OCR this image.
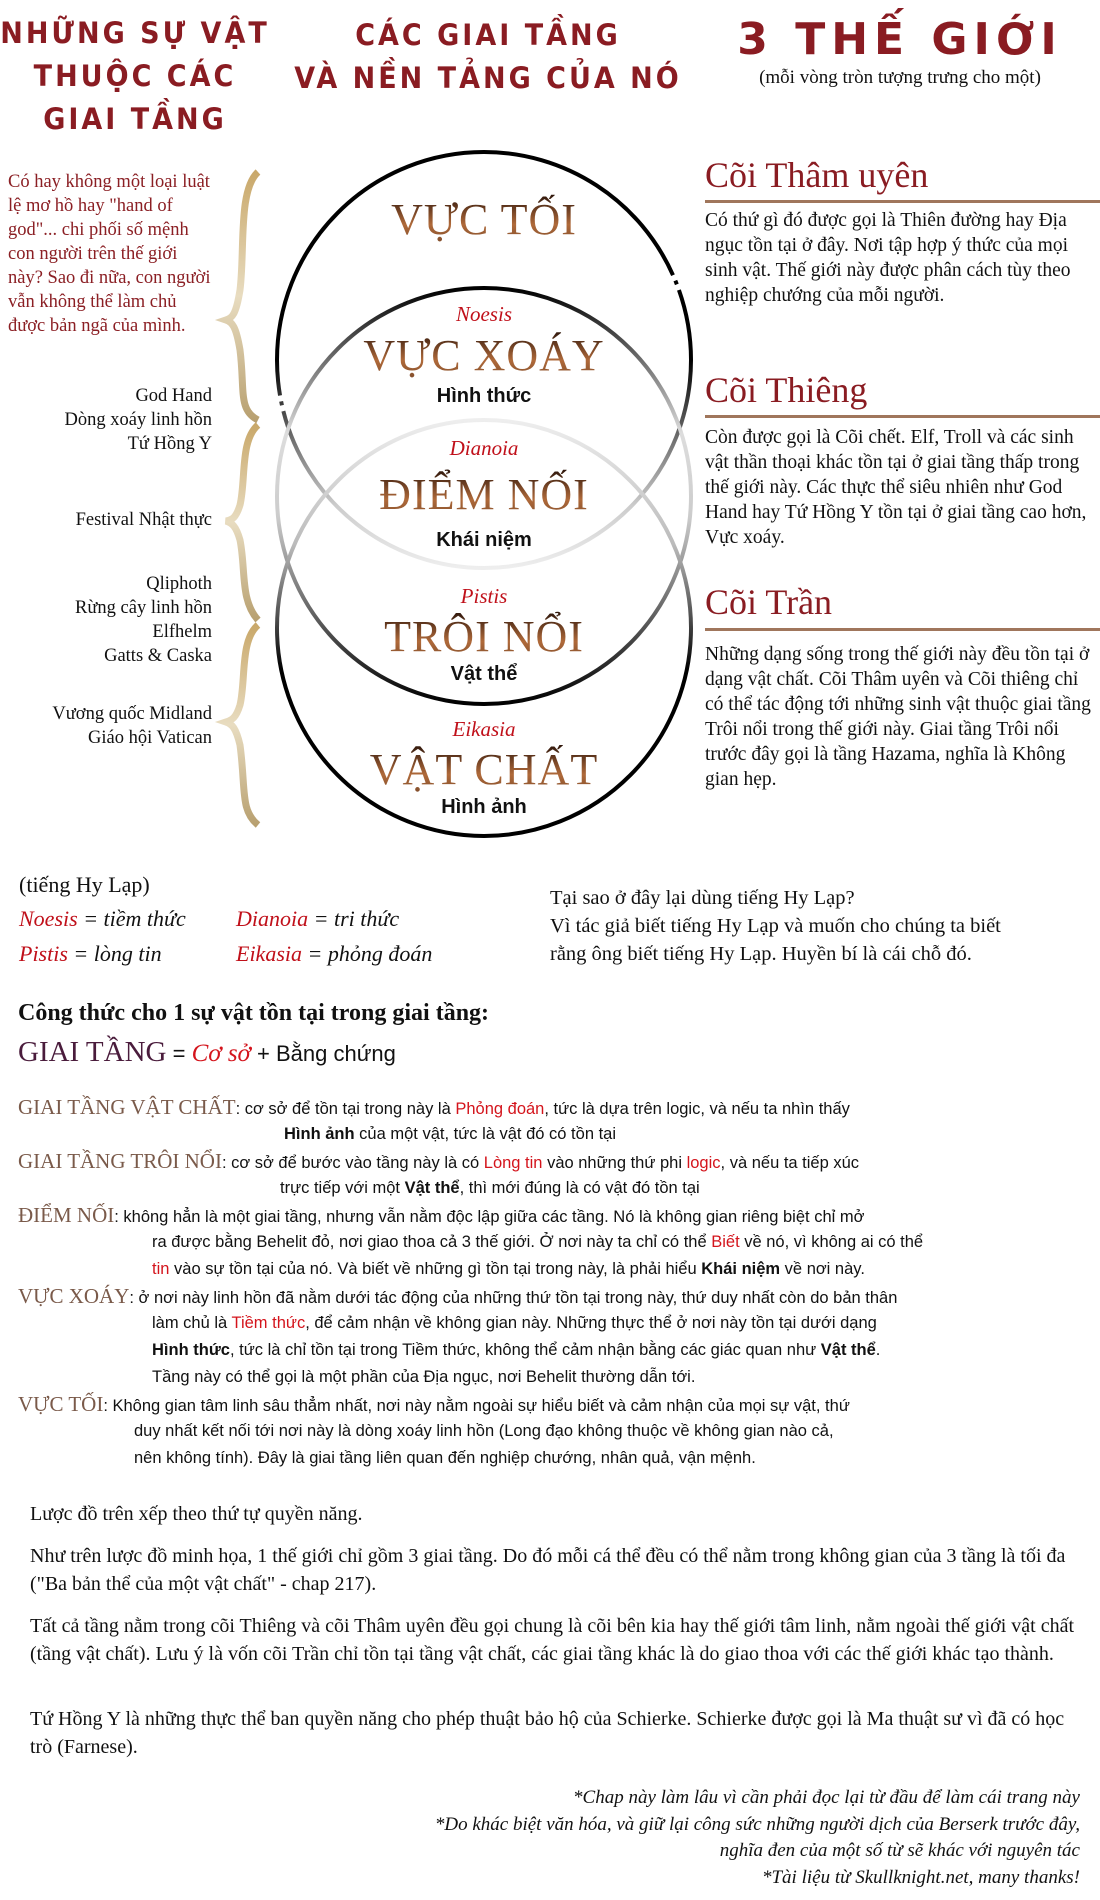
NHỮNG SỰ VẬT
THUỘC CÁC
GIAI TẦNG
CÁC GIAI TẦNG
VÀ NỀN TẢNG CỦA NÓ
3 THẾ GIỚI
(mỗi vòng tròn tượng trưng cho một)
VỰC TỐI
Noesis
VỰC XOÁY
Hình thức
Dianoia
ĐIỂM NỐI
Khái niệm
Pistis
TRÔI NỔI
Vật thể
Eikasia
VẬT CHẤT
Hình ảnh
Có hay không một loại luật lệ mơ hồ hay "hand of god"... chi phối số mệnh con người trên thế giới này? Sao đi nữa, con người vẫn không thể làm chủ được bản ngã của mình.
God Hand
Dòng xoáy linh hồn
Tứ Hồng Y
Festival Nhật thực
Qliphoth
Rừng cây linh hồn
Elfhelm
Gatts & Caska
Vương quốc Midland
Giáo hội Vatican
Cõi Thâm uyên
Có thứ gì đó được gọi là Thiên đường hay Địa ngục tồn tại ở đây. Nơi tập hợp ý thức của mọi sinh vật. Thế giới này được phân cách tùy theo nghiệp chướng của mỗi người.
Cõi Thiêng
Còn được gọi là Cõi chết. Elf, Troll và các sinh vật thần thoại khác tồn tại ở giai tầng thấp trong thế giới này. Các thực thể siêu nhiên như God Hand hay Tứ Hồng Y tồn tại ở giai tầng cao hơn, Vực xoáy.
Cõi Trần
Những dạng sống trong thế giới này đều tồn tại ở dạng vật chất. Cõi Thâm uyên và Cõi thiêng chỉ có thể tác động tới những sinh vật thuộc giai tầng Trôi nổi trong thế giới này. Giai tầng Trôi nổi trước đây gọi là tầng Hazama, nghĩa là Không gian hẹp.
(tiếng Hy Lạp)
Noesis = tiềm thức Dianoia = tri thức
Pistis = lòng tin	Eikasia = phỏng đoán
Tại sao ở đây lại dùng tiếng Hy Lạp?
Vì tác giả biết tiếng Hy Lạp và muốn cho chúng ta biết
rằng ông biết tiếng Hy Lạp. Huyền bí là cái chỗ đó.
Công thức cho 1 sự vật tồn tại trong giai tầng:
GIAI TẦNG = Cơ sở + Bằng chứng
GIAI TẦNG VẬT CHẤT: cơ sở để tồn tại trong này là Phỏng đoán, tức là dựa trên logic, và nếu ta nhìn thấy
Hình ảnh của một vật, tức là vật đó có tồn tại
GIAI TẦNG TRÔI NỔI: cơ sở để bước vào tầng này là có Lòng tin vào những thứ phi logic, và nếu ta tiếp xúc
trực tiếp với một Vật thể, thì mới đúng là có vật đó tồn tại
ĐIỂM NỐI: không hẳn là một giai tầng, nhưng vẫn nằm độc lập giữa các tầng. Nó là không gian riêng biệt chỉ mở
ra được bằng Behelit đỏ, nơi giao thoa cả 3 thế giới. Ở nơi này ta chỉ có thể Biết về nó, vì không ai có thể
tin vào sự tồn tại của nó. Và biết về những gì tồn tại trong này, là phải hiểu Khái niệm về nơi này.
VỰC XOÁY: ở nơi này linh hồn đã nằm dưới tác động của những thứ tồn tại trong này, thứ duy nhất còn do bản thân
làm chủ là Tiềm thức, để cảm nhận về không gian này. Những thực thể ở nơi này tồn tại dưới dạng
Hình thức, tức là chỉ tồn tại trong Tiềm thức, không thể cảm nhận bằng các giác quan như Vật thể.
Tầng này có thể gọi là một phần của Địa ngục, nơi Behelit thường dẫn tới.
VỰC TỐI: Không gian tâm linh sâu thẳm nhất, nơi này nằm ngoài sự hiểu biết và cảm nhận của mọi sự vật, thứ
duy nhất kết nối tới nơi này là dòng xoáy linh hồn (Long đạo không thuộc về không gian nào cả,
nên không tính). Đây là giai tầng liên quan đến nghiệp chướng, nhân quả, vận mệnh.
Lược đồ trên xếp theo thứ tự quyền năng.
Như trên lược đồ minh họa, 1 thế giới chỉ gồm 3 giai tầng. Do đó mỗi cá thể đều có thể nằm trong không gian của 3 tầng là tối đa ("Ba bản thể của một vật chất" - chap 217).
Tất cả tầng nằm trong cõi Thiêng và cõi Thâm uyên đều gọi chung là cõi bên kia hay thế giới tâm linh, nằm ngoài thế giới vật chất (tầng vật chất). Lưu ý là vốn cõi Trần chỉ tồn tại tầng vật chất, các giai tầng khác là do giao thoa với các thế giới khác tạo thành.
Tứ Hồng Y là những thực thể ban quyền năng cho phép thuật bảo hộ của Schierke. Schierke được gọi là Ma thuật sư vì đã có học trò (Farnese).
*Chap này làm lâu vì cần phải đọc lại từ đầu để làm cái trang này
*Do khác biệt văn hóa, và giữ lại công sức những người dịch của Berserk trước đây,
nghĩa đen của một số từ sẽ khác với nguyên tác
*Tài liệu từ Skullknight.net, many thanks!
